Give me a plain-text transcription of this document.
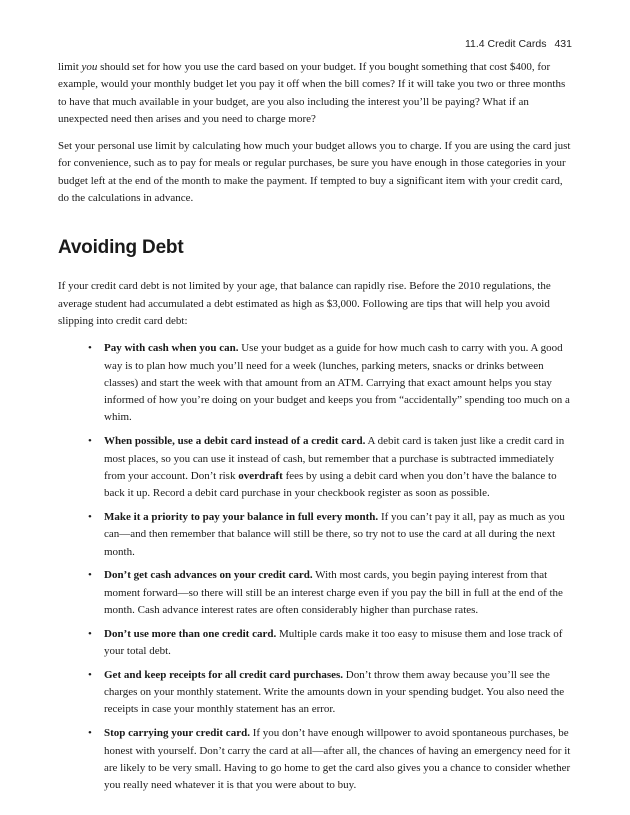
11.4 Credit Cards 431

limit you should set for how you use the card based on your budget. If you bought something that cost $400, for example, would your monthly budget let you pay it off when the bill comes? If it will take you two or three months to have that much available in your budget, are you also including the interest you’ll be paying? What if an unexpected need then arises and you need to charge more?

Set your personal use limit by calculating how much your budget allows you to charge. If you are using the card just for convenience, such as to pay for meals or regular purchases, be sure you have enough in those categories in your budget left at the end of the month to make the payment. If tempted to buy a significant item with your credit card, do the calculations in advance.

Avoiding Debt

If your credit card debt is not limited by your age, that balance can rapidly rise. Before the 2010 regulations, the average student had accumulated a debt estimated as high as $3,000. Following are tips that will help you avoid slipping into credit card debt:

• Pay with cash when you can. Use your budget as a guide for how much cash to carry with you. A good way is to plan how much you’ll need for a week (lunches, parking meters, snacks or drinks between classes) and start the week with that amount from an ATM. Carrying that exact amount helps you stay informed of how you’re doing on your budget and keeps you from “accidentally” spending too much on a whim.
• When possible, use a debit card instead of a credit card. A debit card is taken just like a credit card in most places, so you can use it instead of cash, but remember that a purchase is subtracted immediately from your account. Don’t risk overdraft fees by using a debit card when you don’t have the balance to back it up. Record a debit card purchase in your checkbook register as soon as possible.
• Make it a priority to pay your balance in full every month. If you can’t pay it all, pay as much as you can—and then remember that balance will still be there, so try not to use the card at all during the next month.
• Don’t get cash advances on your credit card. With most cards, you begin paying interest from that moment forward—so there will still be an interest charge even if you pay the bill in full at the end of the month. Cash advance interest rates are often considerably higher than purchase rates.
• Don’t use more than one credit card. Multiple cards make it too easy to misuse them and lose track of your total debt.
• Get and keep receipts for all credit card purchases. Don’t throw them away because you’ll see the charges on your monthly statement. Write the amounts down in your spending budget. You also need the receipts in case your monthly statement has an error.
• Stop carrying your credit card. If you don’t have enough willpower to avoid spontaneous purchases, be honest with yourself. Don’t carry the card at all—after all, the chances of having an emergency need for it are likely to be very small. Having to go home to get the card also gives you a chance to consider whether you really need whatever it is that you were about to buy.
